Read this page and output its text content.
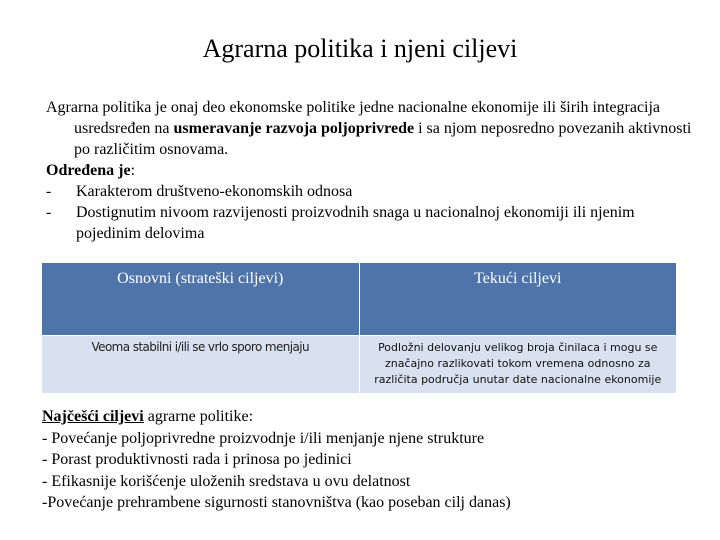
Agrarna politika i njeni ciljevi

Agrarna politika je onaj deo ekonomske politike jedne nacionalne ekonomije ili širih integracija usredsređen na usmeravanje razvoja poljoprivrede i sa njom neposredno povezanih aktivnosti po različitim osnovama.

Određena je:

-	Karakterom društveno-ekonomskih odnosa
-	Dostignutim nivoom razvijenosti proizvodnih snaga u nacionalnoj ekonomiji ili njenim pojedinim delovima
Osnovni (strateški ciljevi)	Tekući ciljevi
Veoma stabilni i/ili se vrlo sporo menjaju	Podložni delovanju velikog broja činilaca i mogu se značajno razlikovati tokom vremena odnosno za različita područja unutar date nacionalne ekonomije

Najčešći ciljevi agrarne politike:

- Povećanje poljoprivredne proizvodnje i/ili menjanje njene strukture

- Porast produktivnosti rada i prinosa po jedinici

- Efikasnije korišćenje uloženih sredstava u ovu delatnost

-Povećanje prehrambene sigurnosti stanovništva (kao poseban cilj danas)
